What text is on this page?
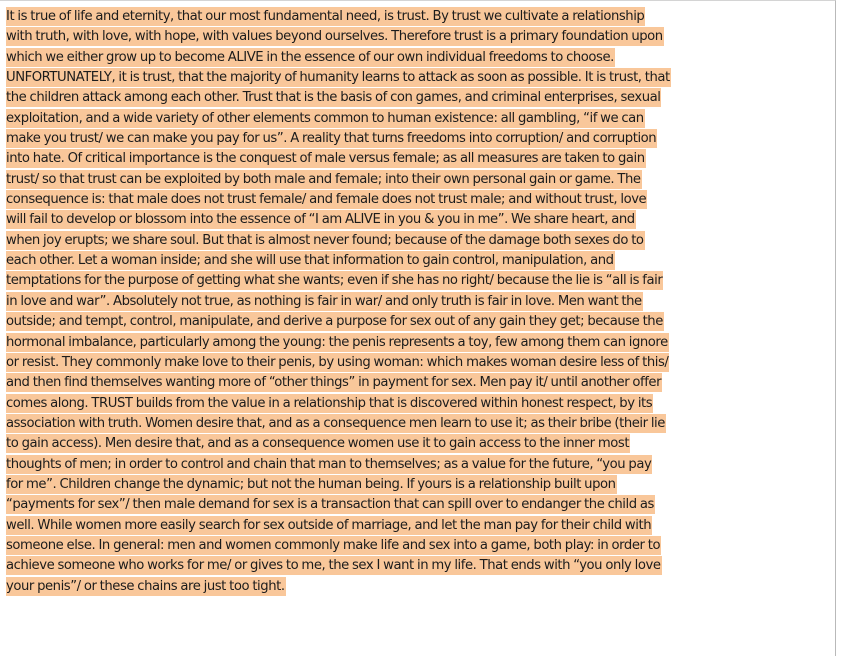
It is true of life and eternity, that our most fundamental need, is trust. By trust we cultivate a relationship
with truth, with love, with hope, with values beyond ourselves. Therefore trust is a primary foundation upon
which we either grow up to become ALIVE in the essence of our own individual freedoms to choose.
UNFORTUNATELY, it is trust, that the majority of humanity learns to attack as soon as possible. It is trust, that
the children attack among each other. Trust that is the basis of con games, and criminal enterprises, sexual
exploitation, and a wide variety of other elements common to human existence: all gambling, “if we can
make you trust/ we can make you pay for us”. A reality that turns freedoms into corruption/ and corruption
into hate. Of critical importance is the conquest of male versus female; as all measures are taken to gain
trust/ so that trust can be exploited by both male and female; into their own personal gain or game. The
consequence is: that male does not trust female/ and female does not trust male; and without trust, love
will fail to develop or blossom into the essence of “I am ALIVE in you & you in me”. We share heart, and
when joy erupts; we share soul. But that is almost never found; because of the damage both sexes do to
each other. Let a woman inside; and she will use that information to gain control, manipulation, and
temptations for the purpose of getting what she wants; even if she has no right/ because the lie is “all is fair
in love and war”. Absolutely not true, as nothing is fair in war/ and only truth is fair in love. Men want the
outside; and tempt, control, manipulate, and derive a purpose for sex out of any gain they get; because the
hormonal imbalance, particularly among the young: the penis represents a toy, few among them can ignore
or resist. They commonly make love to their penis, by using woman: which makes woman desire less of this/
and then find themselves wanting more of “other things” in payment for sex. Men pay it/ until another offer
comes along. TRUST builds from the value in a relationship that is discovered within honest respect, by its
association with truth. Women desire that, and as a consequence men learn to use it; as their bribe (their lie
to gain access). Men desire that, and as a consequence women use it to gain access to the inner most
thoughts of men; in order to control and chain that man to themselves; as a value for the future, “you pay
for me”. Children change the dynamic; but not the human being. If yours is a relationship built upon
“payments for sex”/ then male demand for sex is a transaction that can spill over to endanger the child as
well. While women more easily search for sex outside of marriage, and let the man pay for their child with
someone else. In general: men and women commonly make life and sex into a game, both play: in order to
achieve someone who works for me/ or gives to me, the sex I want in my life. That ends with “you only love
your penis”/ or these chains are just too tight.
